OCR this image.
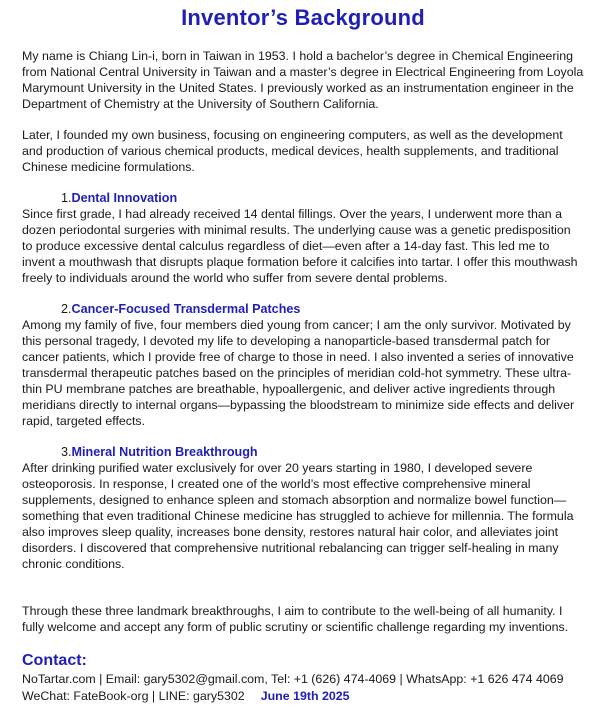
Inventor’s Background

My name is Chiang Lin-i, born in Taiwan in 1953. I hold a bachelor’s degree in Chemical Engineering from National Central University in Taiwan and a master’s degree in Electrical Engineering from Loyola Marymount University in the United States. I previously worked as an instrumentation engineer in the Department of Chemistry at the University of Southern California.

Later, I founded my own business, focusing on engineering computers, as well as the development and production of various chemical products, medical devices, health supplements, and traditional Chinese medicine formulations.

1.Dental Innovation

Since first grade, I had already received 14 dental fillings. Over the years, I underwent more than a dozen periodontal surgeries with minimal results. The underlying cause was a genetic predisposition to produce excessive dental calculus regardless of diet—even after a 14-day fast. This led me to invent a mouthwash that disrupts plaque formation before it calcifies into tartar. I offer this mouthwash freely to individuals around the world who suffer from severe dental problems.

2.Cancer-Focused Transdermal Patches

Among my family of five, four members died young from cancer; I am the only survivor. Motivated by this personal tragedy, I devoted my life to developing a nanoparticle-based transdermal patch for cancer patients, which I provide free of charge to those in need. I also invented a series of innovative transdermal therapeutic patches based on the principles of meridian cold-hot symmetry. These ultra-thin PU membrane patches are breathable, hypoallergenic, and deliver active ingredients through meridians directly to internal organs—bypassing the bloodstream to minimize side effects and deliver rapid, targeted effects.

3.Mineral Nutrition Breakthrough

After drinking purified water exclusively for over 20 years starting in 1980, I developed severe osteoporosis. In response, I created one of the world’s most effective comprehensive mineral supplements, designed to enhance spleen and stomach absorption and normalize bowel function—something that even traditional Chinese medicine has struggled to achieve for millennia. The formula also improves sleep quality, increases bone density, restores natural hair color, and alleviates joint disorders. I discovered that comprehensive nutritional rebalancing can trigger self-healing in many chronic conditions.

Through these three landmark breakthroughs, I aim to contribute to the well-being of all humanity. I fully welcome and accept any form of public scrutiny or scientific challenge regarding my inventions.

Contact:

NoTartar.com | Email: gary5302@gmail.com, Tel: +1 (626) 474-4069 | WhatsApp: +1 626 474 4069

WeChat: FateBook-org | LINE: gary5302 June 19th 2025
